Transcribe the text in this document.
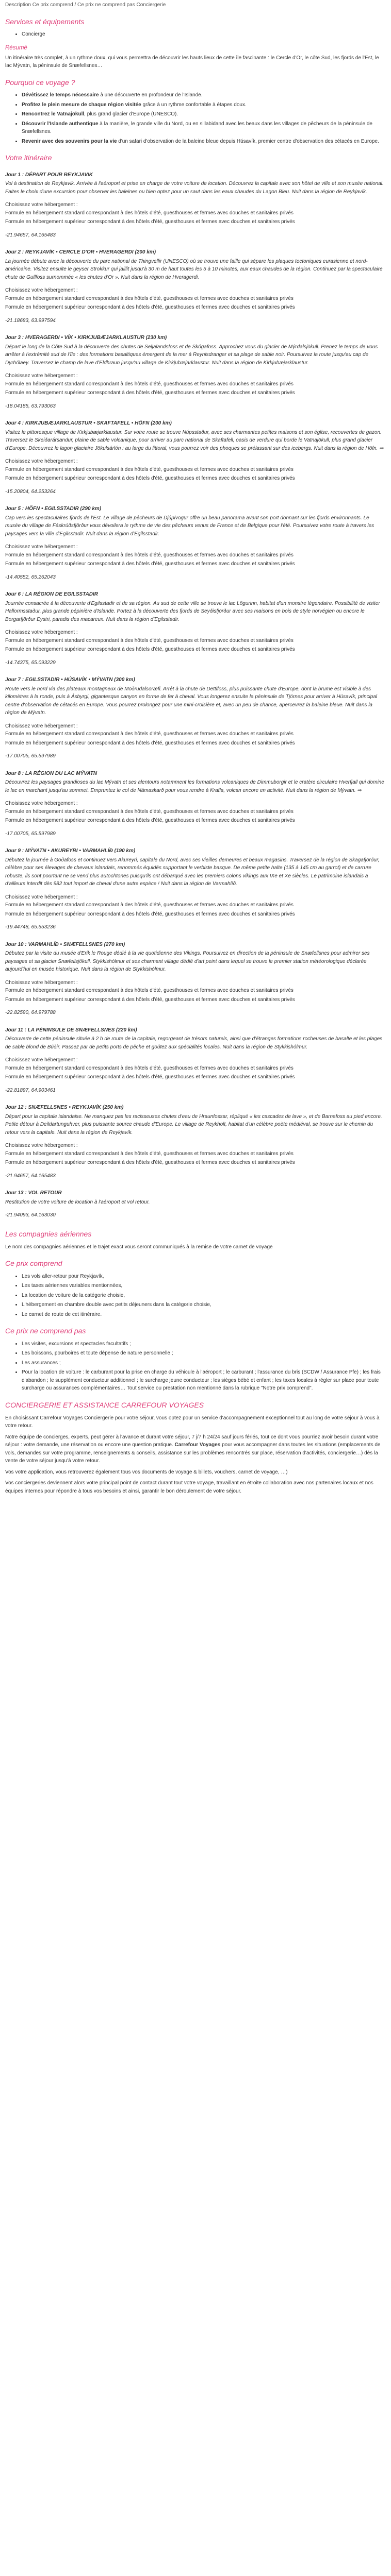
Description Ce prix comprend / Ce prix ne comprend pas Conciergerie
Services et équipements
• Concierge
Résumé

Un itinéraire très complet, à un rythme doux, qui vous permettra de découvrir les hauts lieux de cette île fascinante : le Cercle d'Or, le côte Sud, les fjords de l'Est, le lac Mývatn, la péninsule de Snæfellsnes…

Pourquoi ce voyage ?
• Dévêtissez le temps nécessaire à une découverte en profondeur de l'Islande.
• Profitez le plein mesure de chaque région visitée grâce à un rythme confortable à étapes doux.
• Rencontrez le Vatnajökull, plus grand glacier d'Europe (UNESCO).
• Découvrir l'Islande authentique à la manière, le grande ville du Nord, ou en sillabidand avec les beaux dans les villages de pêcheurs de la péninsule de Snæfellsnes.
• Revenir avec des souvenirs pour la vie d'un safari d'observation de la baleine bleue depuis Húsavík, premier centre d'observation des cétacés en Europe.
Votre itinéraire
Jour 1 : DÉPART POUR REYKJAVIK
Vol à destination de Reykjavik. Arrivée à l'aéroport et prise en charge de votre voiture de location. Découvrez la capitale avec son hôtel de ville et son musée national. Faites le choix d'une excursion pour observer les baleines ou bien optez pour un saut dans les eaux chaudes du Lagon Bleu. Nuit dans la région de Reykjavík.
Choisissez votre hébergement :
Formule en hébergement standard correspondant à des hôtels d'été, guesthouses et fermes avec douches et sanitaires privés
Formule en hébergement supérieur correspondant à des hôtels d'été, guesthouses et fermes avec douches et sanitaires privés
-21.94657, 64.165483
Jour 2 : REYKJAVÍK • CERCLE D'OR • HVERAGERDI (200 km)
La journée débute avec la découverte du parc national de Thingvellir (UNESCO) où se trouve une faille qui sépare les plaques tectoniques eurasienne et nord-américaine. Visitez ensuite le geyser Strokkur qui jaillit jusqu'à 30 m de haut toutes les 5 à 10 minutes, aux eaux chaudes de la région. Continuez par la spectaculaire chute de Gullfoss surnommée « les chutes d'Or ». Nuit dans la région de Hveragerdi.
Choisissez votre hébergement :
Formule en hébergement standard correspondant à des hôtels d'été, guesthouses et fermes avec douches et sanitaires privés
Formule en hébergement supérieur correspondant à des hôtels d'été, guesthouses et fermes avec douches et sanitaires privés
-21.18683, 63.997594
Jour 3 : HVERAGERDI • VÍK • KIRKJUBÆJARKLAUSTUR (230 km)
Départ le long de la Côte Sud à la découverte des chutes de Seljalandsfoss et de Skógafoss. Approchez vous du glacier de Mýrdalsjökull. Prenez le temps de vous arrêter à l'extrémité sud de l'île : des formations basaltiques émergent de la mer à Reynisdrangar et sa plage de sable noir. Poursuivez la route jusqu'au cap de Dyrhólaey. Traversez le champ de lave d'Eldhraun jusqu'au village de Kirkjubæjarklaustur. Nuit dans la région de Kirkjubæjarklaustur.
Choisissez votre hébergement :
Formule en hébergement standard correspondant à des hôtels d'été, guesthouses et fermes avec douches et sanitaires privés
Formule en hébergement supérieur correspondant à des hôtels d'été, guesthouses et fermes avec douches et sanitaires privés
-18.04185, 63.793063
Jour 4 : KIRKJUBÆJARKLAUSTUR • SKAFTAFELL • HÖFN (200 km)
Visitez le pittoresque village de Kirkjubæjarklaustur. Sur votre route se trouve Núpsstaður, avec ses charmantes petites maisons et son église, recouvertes de gazon. Traversez le Skeiðarársandur, plaine de sable volcanique, pour arriver au parc national de Skaftafell, oasis de verdure qui borde le Vatnajökull, plus grand glacier d'Europe. Découvrez le lagon glaciaire Jökulsárlón : au large du littoral, vous pourrez voir des phoques se prélassant sur des icebergs. Nuit dans la région de Höfn. ⇒
Choisissez votre hébergement :
Formule en hébergement standard correspondant à des hôtels d'été, guesthouses et fermes avec douches et sanitaires privés
Formule en hébergement supérieur correspondant à des hôtels d'été, guesthouses et fermes avec douches et sanitaires privés
-15.20804, 64.253264
Jour 5 : HÖFN • EGILSSTADIR (290 km)
Cap vers les spectaculaires fjords de l'Est. Le village de pêcheurs de Djúpivogur offre un beau panorama avant son port donnant sur les fjords environnants. Le musée du village de Fáskrúðsfjörður vous dévoilera le rythme de vie des pêcheurs venus de France et de Belgique pour l'été. Poursuivez votre route à travers les paysages vers la ville d'Egilsstadir. Nuit dans la région d'Egilsstadir.
Choisissez votre hébergement :
Formule en hébergement standard correspondant à des hôtels d'été, guesthouses et fermes avec douches et sanitaires privés
Formule en hébergement supérieur correspondant à des hôtels d'été, guesthouses et fermes avec douches et sanitaires privés
-14.40552, 65.262043
Jour 6 : LA RÉGION DE EGILSSTADIR
Journée consacrée à la découverte d'Egilsstadir et de sa région. Au sud de cette ville se trouve le lac Lögurinn, habitat d'un monstre légendaire. Possibilité de visiter Hallormsstaður, plus grande pépinière d'Islande. Portez à la découverte des fjords de Seyðisfjörður avec ses maisons en bois de style norvégien ou encore le Borgarfjörður Eystri, paradis des macareux. Nuit dans la région d'Egilsstadir.
Choisissez votre hébergement :
Formule en hébergement standard correspondant à des hôtels d'été, guesthouses et fermes avec douches et sanitaires privés
Formule en hébergement supérieur correspondant à des hôtels d'été, guesthouses et fermes avec douches et sanitaires privés
-14.74375, 65.093229
Jour 7 : EGILSSTADIR • HÚSAVÍK • MÝVATN (300 km)
Route vers le nord via des plateaux montagneux de Möðrudalsöræfi. Arrêt à la chute de Dettifoss, plus puissante chute d'Europe, dont la brume est visible à des kilomètres à la ronde, puis à Ásbyrgi, gigantesque canyon en forme de fer à cheval. Vous longerez ensuite la péninsule de Tjörnes pour arriver à Húsavík, principal centre d'observation de cétacés en Europe. Vous pourrez prolongez pour une mini-croisière et, avec un peu de chance, apercevrez la baleine bleue. Nuit dans la région de Mývatn.
Choisissez votre hébergement :
Formule en hébergement standard correspondant à des hôtels d'été, guesthouses et fermes avec douches et sanitaires privés
Formule en hébergement supérieur correspondant à des hôtels d'été, guesthouses et fermes avec douches et sanitaires privés
-17.00705, 65.597989
Jour 8 : LA RÉGION DU LAC MÝVATN
Découvrez les paysages grandioses du lac Mývatn et ses alentours notamment les formations volcaniques de Dimmuborgir et le cratère circulaire Hverfjall qui domine le lac en marchant jusqu'au sommet. Empruntez le col de Námaskarð pour vous rendre à Krafla, volcan encore en activité. Nuit dans la région de Mývatn. ⇒
Choisissez votre hébergement :
Formule en hébergement standard correspondant à des hôtels d'été, guesthouses et fermes avec douches et sanitaires privés
Formule en hébergement supérieur correspondant à des hôtels d'été, guesthouses et fermes avec douches et sanitaires privés
-17.00705, 65.597989
Jour 9 : MÝVATN • AKUREYRI • VARMAHLÍÐ (190 km)
Débutez la journée à Goðafoss et continuez vers Akureyri, capitale du Nord, avec ses vieilles demeures et beaux magasins. Traversez de la région de Skagafjörður, célèbre pour ses élevages de chevaux islandais, renommés équidés supportant le verbiste basque. De même petite halte (135 à 145 cm au garrot) et de carrure robuste, ils sont pourtant ne se vend plus autochtones puisqu'ils ont débarqué avec les premiers colons vikings aux IXe et Xe siècles. Le patrimoine islandais a d'ailleurs interdit dès 982 tout import de cheval d'une autre espèce ! Nuit dans la région de Varmahlíð.
Choisissez votre hébergement :
Formule en hébergement standard correspondant à des hôtels d'été, guesthouses et fermes avec douches et sanitaires privés
Formule en hébergement supérieur correspondant à des hôtels d'été, guesthouses et fermes avec douches et sanitaires privés
-19.44748, 65.553236
Jour 10 : VARMAHLÍÐ • SNÆFELLSNES (270 km)
Débutez par la visite du musée d'Erik le Rouge dédié à la vie quotidienne des Vikings. Poursuivez en direction de la péninsule de Snæfellsnes pour admirer ses paysages et sa glacier Snæfellsjökull. Stykkishólmur et ses charmant village dédié d'art peint dans lequel se trouve le premier station météorologique déclarée aujourd'hui en musée historique. Nuit dans la région de Stykkishólmur.
Choisissez votre hébergement :
Formule en hébergement standard correspondant à des hôtels d'été, guesthouses et fermes avec douches et sanitaires privés
Formule en hébergement supérieur correspondant à des hôtels d'été, guesthouses et fermes avec douches et sanitaires privés
-22.82590, 64.979788
Jour 11 : LA PÉNINSULE DE SNÆFELLSNES (220 km)
Découverte de cette péninsule située à 2 h de route de la capitale, regorgeant de trésors naturels, ainsi que d'étranges formations rocheuses de basalte et les plages de sable blond de Búðir. Passez par de petits ports de pêche et goûtez aux spécialités locales. Nuit dans la région de Stykkishólmur.
Choisissez votre hébergement :
Formule en hébergement standard correspondant à des hôtels d'été, guesthouses et fermes avec douches et sanitaires privés
Formule en hébergement supérieur correspondant à des hôtels d'été, guesthouses et fermes avec douches et sanitaires privés
-22.81897, 64.903461
Jour 12 : SNÆFELLSNES • REYKJAVÍK (250 km)
Départ pour la capitale islandaise. Ne manquez pas les racisseuses chutes d'eau de Hraunfossar, répliqué « les cascades de lave », et de Barnafoss au pied encore. Petite détour à Deildartunguhver, plus puissante source chaude d'Europe. Le village de Reykholt, habitat d'un célèbre poète médiéval, se trouve sur le chemin du retour vers la capitale. Nuit dans la région de Reykjavík.
Choisissez votre hébergement :
Formule en hébergement standard correspondant à des hôtels d'été, guesthouses et fermes avec douches et sanitaires privés
Formule en hébergement supérieur correspondant à des hôtels d'été, guesthouses et fermes avec douches et sanitaires privés
-21.94657, 64.165483
Jour 13 : VOL RETOUR
Restitution de votre voiture de location à l'aéroport et vol retour.
-21.94093, 64.163030
Les compagnies aériennes

Le nom des compagnies aériennes et le trajet exact vous seront communiqués à la remise de votre carnet de voyage

Ce prix comprend
• Les vols aller-retour pour Reykjavík,
• Les taxes aériennes variables mentionnées,
• La location de voiture de la catégorie choisie,
• L'hébergement en chambre double avec petits déjeuners dans la catégorie choisie,
• Le carnet de route de cet itinéraire.
Ce prix ne comprend pas
• Les visites, excursions et spectacles facultatifs ;
• Les boissons, pourboires et toute dépense de nature personnelle ;
• Les assurances ;
• Pour la location de voiture : le carburant pour la prise en charge du véhicule à l'aéroport ; le carburant ; l'assurance du bris (SCDW / Assurance Pfe) ; les frais d'abandon ; le supplément conducteur additionnel ; le surcharge jeune conducteur ; les sièges bébé et enfant ; les taxes locales à régler sur place pour toute surcharge ou assurances complémentaires… Tout service ou prestation non mentionné dans la rubrique "Notre prix comprend".
CONCIERGERIE ET ASSISTANCE CARREFOUR VOYAGES

En choisissant Carrefour Voyages Conciergerie pour votre séjour, vous optez pour un service d'accompagnement exceptionnel tout au long de votre séjour à vous à votre retour.

Notre équipe de concierges, experts, peut gérer à l'avance et durant votre séjour, 7 j/7 h 24/24 sauf jours fériés, tout ce dont vous pourriez avoir besoin durant votre séjour : votre demande, une réservation ou encore une question pratique. Carrefour Voyages pour vous accompagner dans toutes les situations (emplacements de vols, demandes sur votre programme, renseignements & conseils, assistance sur les problèmes rencontrés sur place, réservation d'activités, conciergerie…) dès la vente de votre séjour jusqu'à votre retour.

Vos votre application, vous retrouverez également tous vos documents de voyage & billets, vouchers, carnet de voyage, …)

Vos conciergeries deviennent alors votre principal point de contact durant tout votre voyage, travaillant en étroite collaboration avec nos partenaires locaux et nos équipes internes pour répondre à tous vos besoins et ainsi, garantir le bon déroulement de votre séjour.
